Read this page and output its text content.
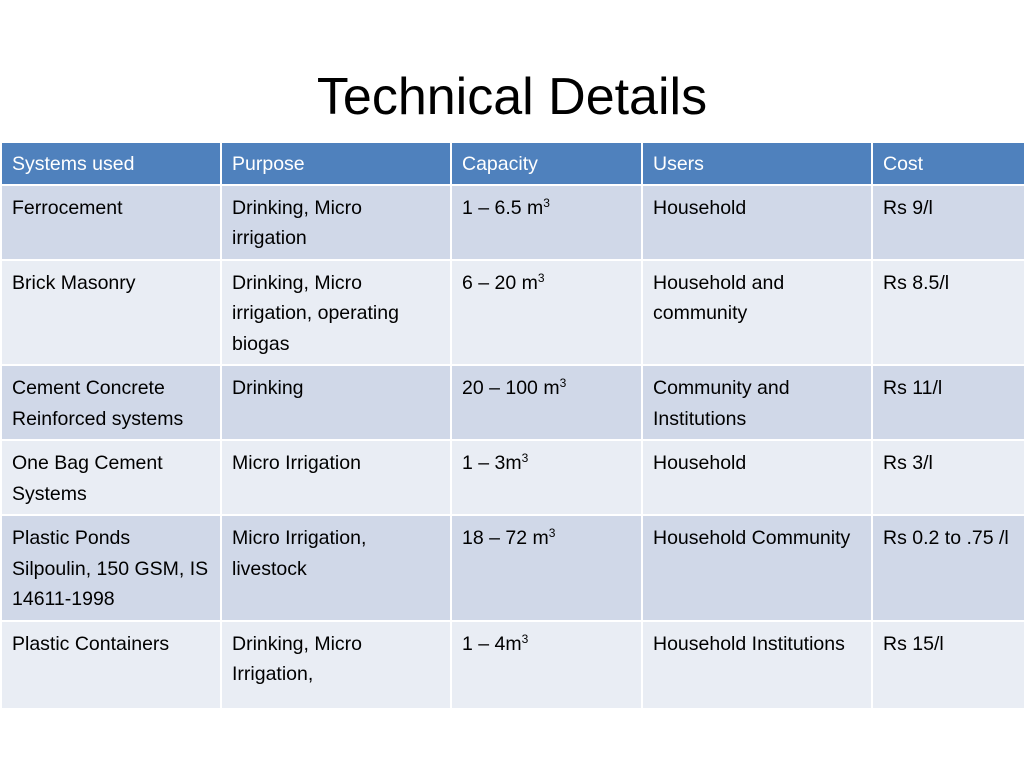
Technical Details
Systems used	Purpose	Capacity	Users	Cost
Ferrocement	Drinking, Micro irrigation	1 – 6.5 $m^3$	Household	Rs 9/l
Brick Masonry	Drinking, Micro irrigation, operating biogas	6 – 20 $m^3$	Household and community	Rs 8.5/l
Cement Concrete Reinforced systems	Drinking	20 – 100 $m^3$	Community and Institutions	Rs 11/l
One Bag Cement Systems	Micro Irrigation	$1 - 3m^3$	Household	Rs 3/l
Plastic Ponds Silpoulin, 150 GSM, IS 14611-1998	Micro Irrigation, livestock	18 – 72 $m^3$	Household Community	Rs 0.2 to .75 /l
Plastic Containers	Drinking, Micro Irrigation,	$1 - 4m^3$	Household Institutions	Rs 15/l
